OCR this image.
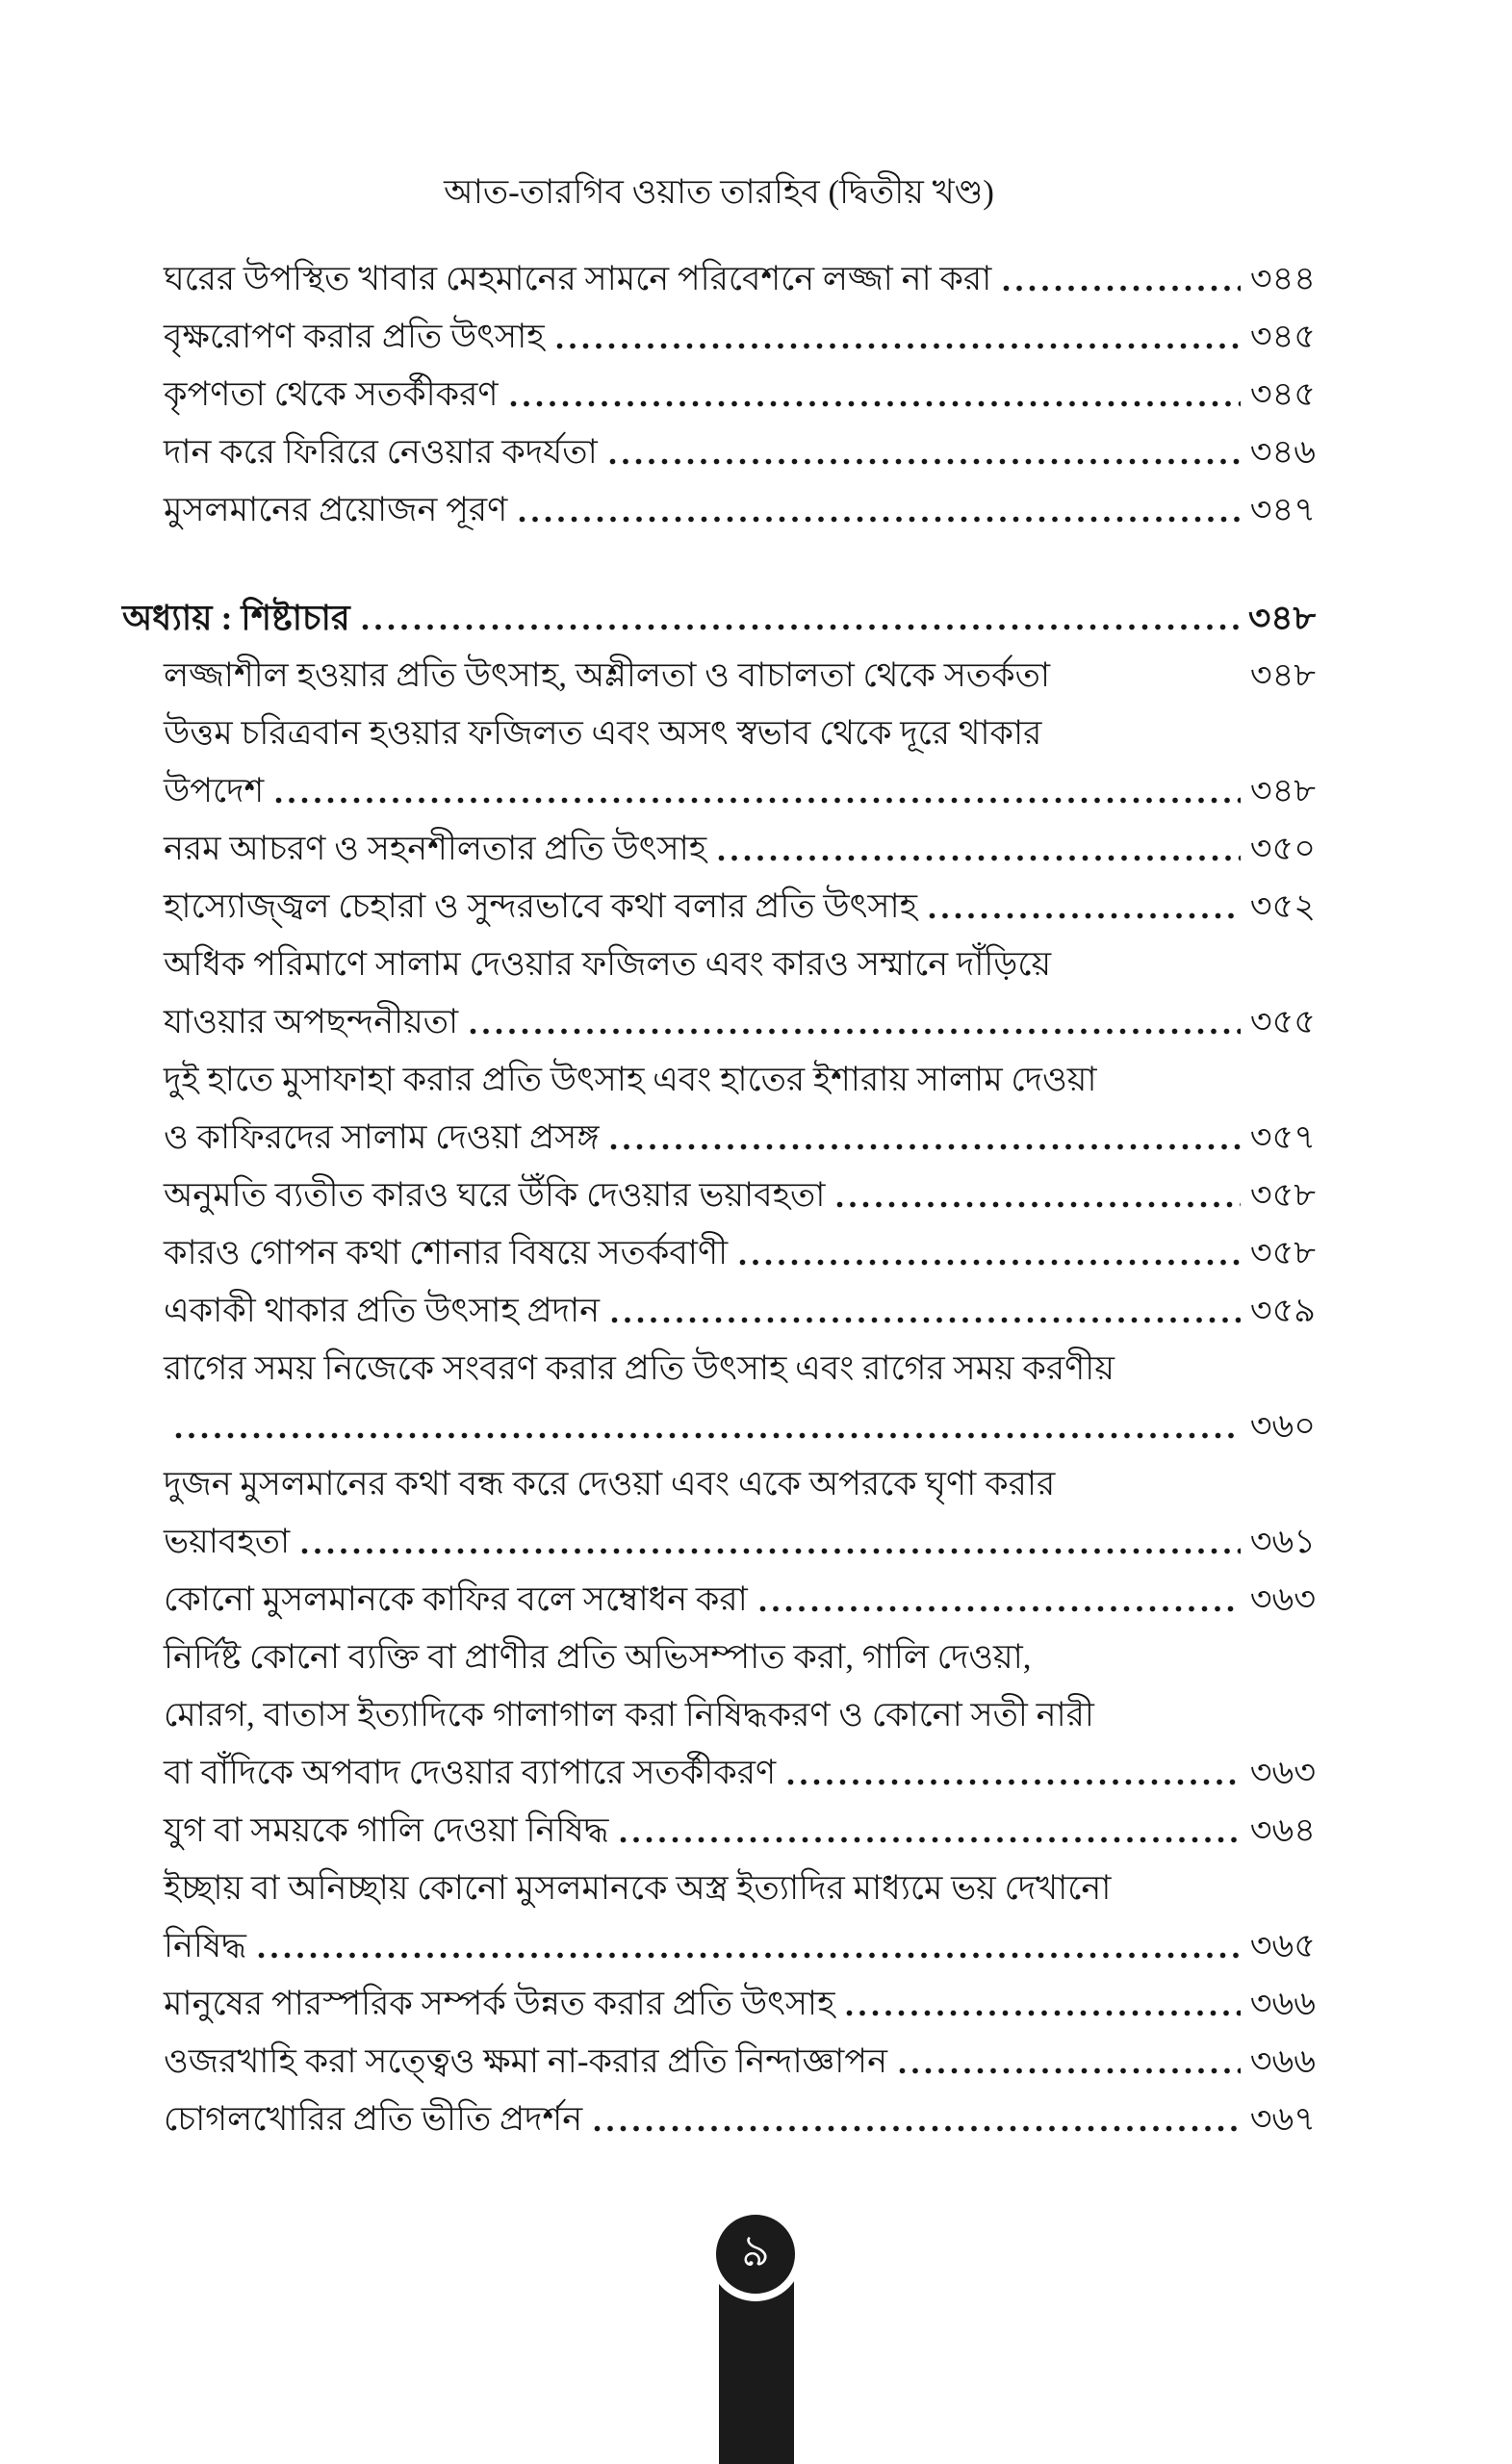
আত-তারগিব ওয়াত তারহিব (দ্বিতীয় খণ্ড)
ঘরের উপস্থিত খাবার মেহমানের সামনে পরিবেশনে লজ্জা না করা	৩৪৪
বৃক্ষরোপণ করার প্রতি উৎসাহ	৩৪৫
কৃপণতা থেকে সতর্কীকরণ	৩৪৫
দান করে ফিরিরে নেওয়ার কদর্যতা	৩৪৬
মুসলমানের প্রয়োজন পূরণ	৩৪৭
অধ্যায় : শিষ্টাচার	৩৪৮
লজ্জাশীল হওয়ার প্রতি উৎসাহ, অশ্লীলতা ও বাচালতা থেকে সতর্কতা	৩৪৮
উত্তম চরিত্রবান হওয়ার ফজিলত এবং অসৎ স্বভাব থেকে দূরে থাকার
উপদেশ	৩৪৮
নরম আচরণ ও সহনশীলতার প্রতি উৎসাহ	৩৫০
হাস্যোজ্জ্বল চেহারা ও সুন্দরভাবে কথা বলার প্রতি উৎসাহ	৩৫২
অধিক পরিমাণে সালাম দেওয়ার ফজিলত এবং কারও সম্মানে দাঁড়িয়ে
যাওয়ার অপছন্দনীয়তা	৩৫৫
দুই হাতে মুসাফাহা করার প্রতি উৎসাহ এবং হাতের ইশারায় সালাম দেওয়া
ও কাফিরদের সালাম দেওয়া প্রসঙ্গ	৩৫৭
অনুমতি ব্যতীত কারও ঘরে উঁকি দেওয়ার ভয়াবহতা	৩৫৮
কারও গোপন কথা শোনার বিষয়ে সতর্কবাণী	৩৫৮
একাকী থাকার প্রতি উৎসাহ প্রদান	৩৫৯
রাগের সময় নিজেকে সংবরণ করার প্রতি উৎসাহ এবং রাগের সময় করণীয়
৩৬০
দুজন মুসলমানের কথা বন্ধ করে দেওয়া এবং একে অপরকে ঘৃণা করার
ভয়াবহতা	৩৬১
কোনো মুসলমানকে কাফির বলে সম্বোধন করা	৩৬৩
নির্দিষ্ট কোনো ব্যক্তি বা প্রাণীর প্রতি অভিসম্পাত করা, গালি দেওয়া,
মোরগ, বাতাস ইত্যাদিকে গালাগাল করা নিষিদ্ধকরণ ও কোনো সতী নারী
বা বাঁদিকে অপবাদ দেওয়ার ব্যাপারে সতর্কীকরণ	৩৬৩
যুগ বা সময়কে গালি দেওয়া নিষিদ্ধ	৩৬৪
ইচ্ছায় বা অনিচ্ছায় কোনো মুসলমানকে অস্ত্র ইত্যাদির মাধ্যমে ভয় দেখানো
নিষিদ্ধ	৩৬৫
মানুষের পারস্পরিক সম্পর্ক উন্নত করার প্রতি উৎসাহ	৩৬৬
ওজরখাহি করা সত্ত্বেও ক্ষমা না-করার প্রতি নিন্দাজ্ঞাপন	৩৬৬
চোগলখোরির প্রতি ভীতি প্রদর্শন	৩৬৭
৯
